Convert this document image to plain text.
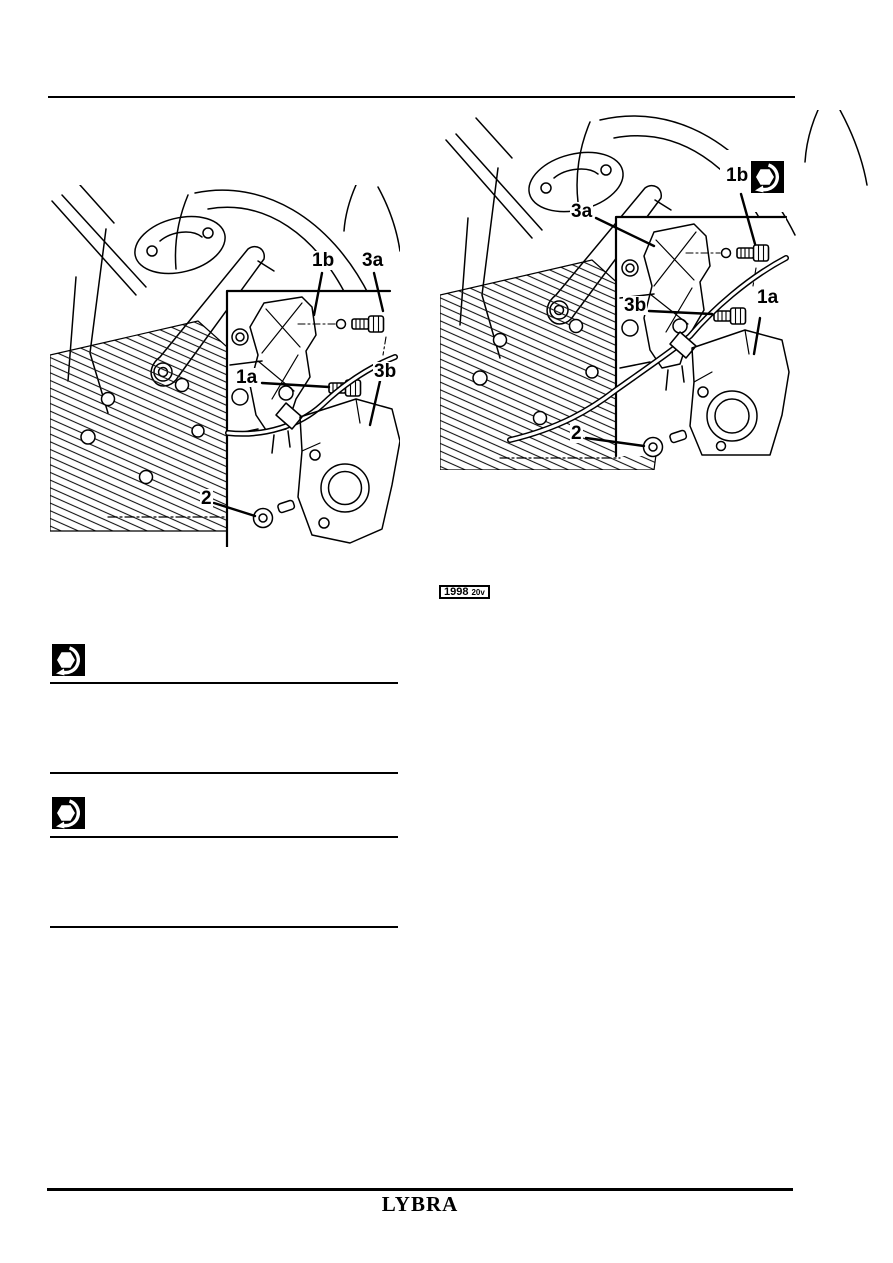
1b 3a
1a	3b
2
3a
1b
3b	1a
2
1998 20v
LYBRA
